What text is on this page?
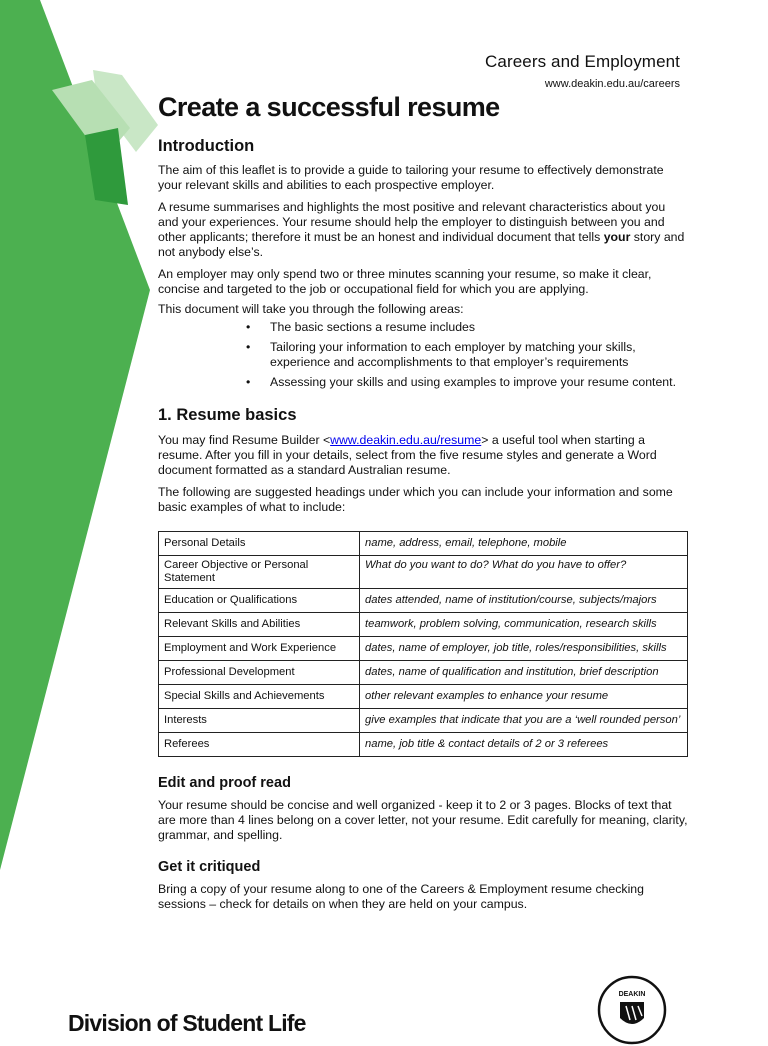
Careers and Employment
www.deakin.edu.au/careers
Create a successful resume
Introduction

The aim of this leaflet is to provide a guide to tailoring your resume to effectively demonstrate your relevant skills and abilities to each prospective employer.

A resume summarises and highlights the most positive and relevant characteristics about you and your experiences. Your resume should help the employer to distinguish between you and other applicants; therefore it must be an honest and individual document that tells your story and not anybody else’s.

An employer may only spend two or three minutes scanning your resume, so make it clear, concise and targeted to the job or occupational field for which you are applying.

This document will take you through the following areas:

• The basic sections a resume includes
• Tailoring your information to each employer by matching your skills, experience and accomplishments to that employer’s requirements
• Assessing your skills and using examples to improve your resume content.
1. Resume basics

You may find Resume Builder <www.deakin.edu.au/resume> a useful tool when starting a resume. After you fill in your details, select from the five resume styles and generate a Word document formatted as a standard Australian resume.

The following are suggested headings under which you can include your information and some basic examples of what to include:

Personal Details	name, address, email, telephone, mobile
Career Objective or Personal Statement	What do you want to do? What do you have to offer?
Education or Qualifications	dates attended, name of institution/course, subjects/majors
Relevant Skills and Abilities	teamwork, problem solving, communication, research skills
Employment and Work Experience	dates, name of employer, job title, roles/responsibilities, skills
Professional Development	dates, name of qualification and institution, brief description
Special Skills and Achievements	other relevant examples to enhance your resume
Interests	give examples that indicate that you are a ‘well rounded person’
Referees	name, job title & contact details of 2 or 3 referees
Edit and proof read

Your resume should be concise and well organized - keep it to 2 or 3 pages. Blocks of text that are more than 4 lines belong on a cover letter, not your resume. Edit carefully for meaning, clarity, grammar, and spelling.

Get it critiqued

Bring a copy of your resume along to one of the Careers & Employment resume checking sessions – check for details on when they are held on your campus.

Division of Student Life
DEAKIN
